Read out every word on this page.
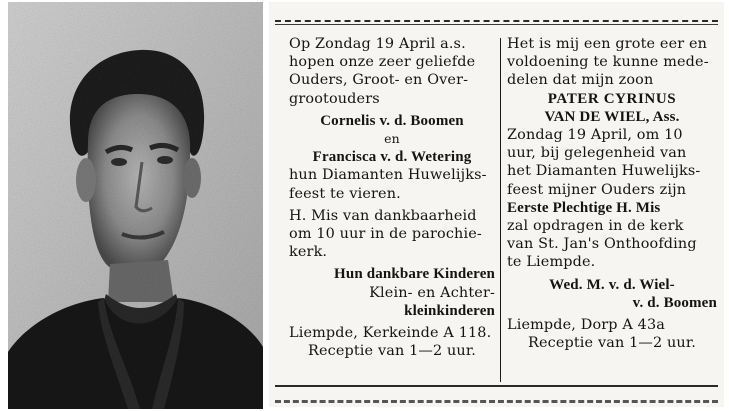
Op Zondag 19 April a.s.
hopen onze zeer geliefde
Ouders, Groot- en Over-
grootouders
Cornelis v. d. Boomen
en
Francisca v. d. Wetering
hun Diamanten Huwelijks-
feest te vieren.
H. Mis van dankbaarheid
om 10 uur in de parochie-
kerk.
Hun dankbare Kinderen
Klein- en Achter-
kleinkinderen
Liempde, Kerkeinde A 118.
Receptie van 1—2 uur.
Het is mij een grote eer en
voldoening te kunne mede-
delen dat mijn zoon
PATER CYRINUS
VAN DE WIEL, Ass.
Zondag 19 April, om 10
uur, bij gelegenheid van
het Diamanten Huwelijks-
feest mijner Ouders zijn
Eerste Plechtige H. Mis
zal opdragen in de kerk
van St. Jan's Onthoofding
te Liempde.
Wed. M. v. d. Wiel-
v. d. Boomen
Liempde, Dorp A 43a
Receptie van 1—2 uur.
